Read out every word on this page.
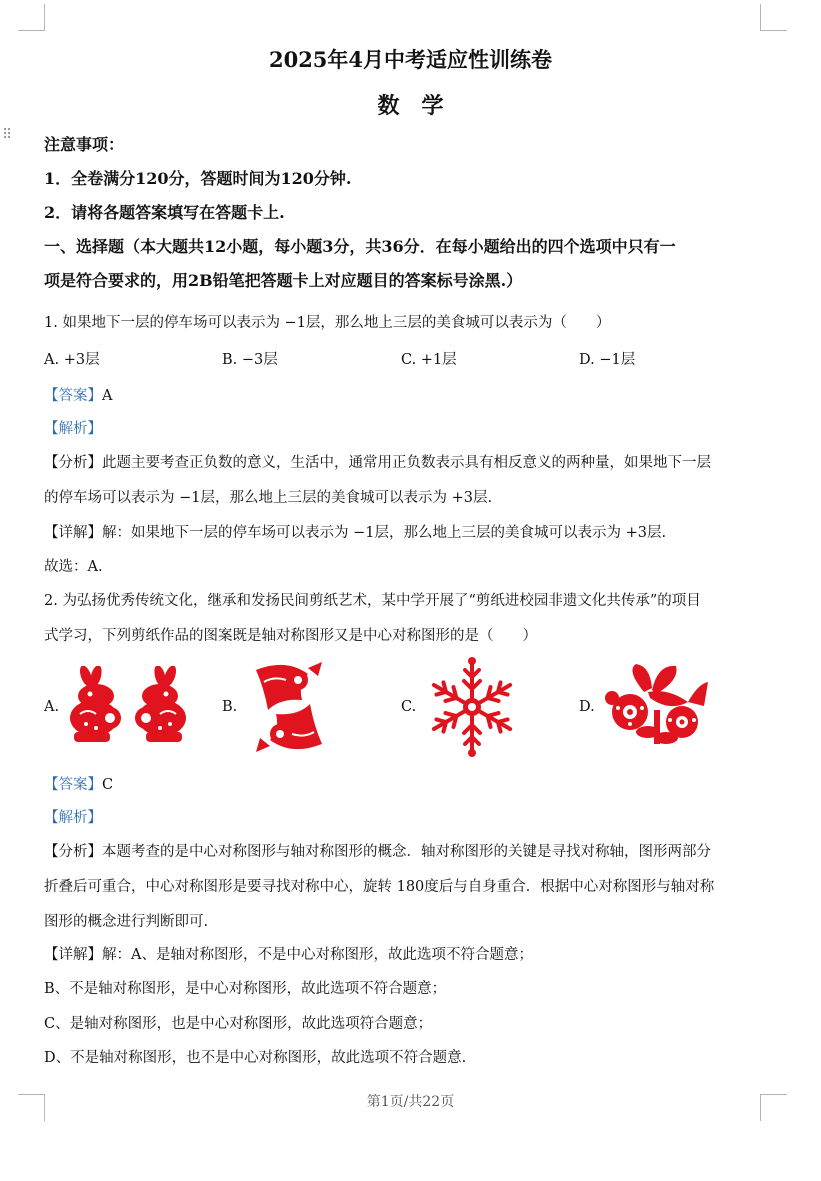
⠿
2025年4月中考适应性训练卷
数学
注意事项：
1．全卷满分120分，答题时间为120分钟.
2．请将各题答案填写在答题卡上.
一、选择题（本大题共12小题，每小题3分，共36分．在每小题给出的四个选项中只有一
项是符合要求的，用2B铅笔把答题卡上对应题目的答案标号涂黑.）
1. 如果地下一层的停车场可以表示为 −1层，那么地上三层的美食城可以表示为（　　）
A. +3层	B. −3层	C. +1层	D. −1层
【答案】A
【解析】
【分析】此题主要考查正负数的意义，生活中，通常用正负数表示具有相反意义的两种量，如果地下一层
的停车场可以表示为 −1层，那么地上三层的美食城可以表示为 +3层.
【详解】解：如果地下一层的停车场可以表示为 −1层，那么地上三层的美食城可以表示为 +3层.
故选：A.
2. 为弘扬优秀传统文化，继承和发扬民间剪纸艺术，某中学开展了“剪纸进校园非遗文化共传承”的项目
式学习，下列剪纸作品的图案既是轴对称图形又是中心对称图形的是（　　）
A.	B.	C.	D.
【答案】C
【解析】
【分析】本题考查的是中心对称图形与轴对称图形的概念．轴对称图形的关键是寻找对称轴，图形两部分
折叠后可重合，中心对称图形是要寻找对称中心，旋转 180度后与自身重合．根据中心对称图形与轴对称
图形的概念进行判断即可.
【详解】解：A、是轴对称图形，不是中心对称图形，故此选项不符合题意；
B、不是轴对称图形，是中心对称图形，故此选项不符合题意；
C、是轴对称图形，也是中心对称图形，故此选项符合题意；
D、不是轴对称图形，也不是中心对称图形，故此选项不符合题意.
第1页/共22页
